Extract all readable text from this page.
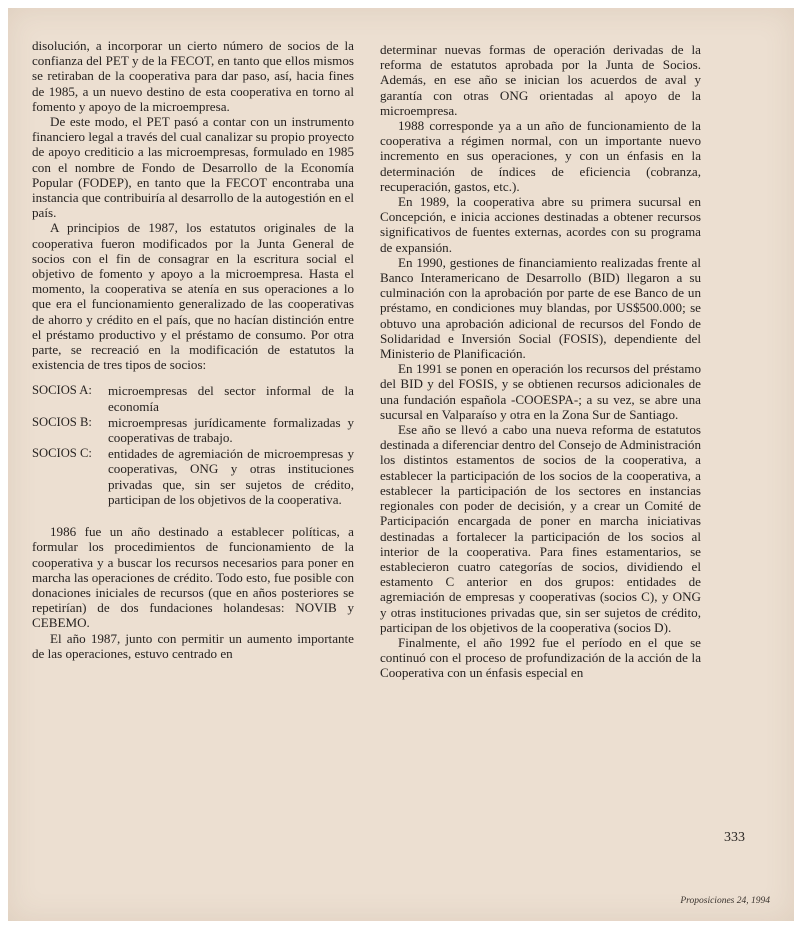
disolución, a incorporar un cierto número de socios de la confianza del PET y de la FECOT, en tanto que ellos mismos se retiraban de la cooperativa para dar paso, así, hacia fines de 1985, a un nuevo destino de esta cooperativa en torno al fomento y apoyo de la microempresa.

De este modo, el PET pasó a contar con un instrumento financiero legal a través del cual canalizar su propio proyecto de apoyo crediticio a las microempresas, formulado en 1985 con el nombre de Fondo de Desarrollo de la Economía Popular (FODEP), en tanto que la FECOT encontraba una instancia que contribuiría al desarrollo de la autogestión en el país.

A principios de 1987, los estatutos originales de la cooperativa fueron modificados por la Junta General de socios con el fin de consagrar en la escritura social el objetivo de fomento y apoyo a la microempresa. Hasta el momento, la cooperativa se atenía en sus operaciones a lo que era el funcionamiento generalizado de las cooperativas de ahorro y crédito en el país, que no hacían distinción entre el préstamo productivo y el préstamo de consumo. Por otra parte, se recreació en la modificación de estatutos la existencia de tres tipos de socios:

SOCIOS A:	microempresas del sector informal de la economía
SOCIOS B:	microempresas jurídicamente formalizadas y cooperativas de trabajo.
SOCIOS C:	entidades de agremiación de microempresas y cooperativas, ONG y otras instituciones privadas que, sin ser sujetos de crédito, participan de los objetivos de la cooperativa.

1986 fue un año destinado a establecer políticas, a formular los procedimientos de funcionamiento de la cooperativa y a buscar los recursos necesarios para poner en marcha las operaciones de crédito. Todo esto, fue posible con donaciones iniciales de recursos (que en años posteriores se repetirían) de dos fundaciones holandesas: NOVIB y CEBEMO.

El año 1987, junto con permitir un aumento importante de las operaciones, estuvo centrado en

determinar nuevas formas de operación derivadas de la reforma de estatutos aprobada por la Junta de Socios. Además, en ese año se inician los acuerdos de aval y garantía con otras ONG orientadas al apoyo de la microempresa.

1988 corresponde ya a un año de funcionamiento de la cooperativa a régimen normal, con un importante nuevo incremento en sus operaciones, y con un énfasis en la determinación de índices de eficiencia (cobranza, recuperación, gastos, etc.).

En 1989, la cooperativa abre su primera sucursal en Concepción, e inicia acciones destinadas a obtener recursos significativos de fuentes externas, acordes con su programa de expansión.

En 1990, gestiones de financiamiento realizadas frente al Banco Interamericano de Desarrollo (BID) llegaron a su culminación con la aprobación por parte de ese Banco de un préstamo, en condiciones muy blandas, por US$500.000; se obtuvo una aprobación adicional de recursos del Fondo de Solidaridad e Inversión Social (FOSIS), dependiente del Ministerio de Planificación.

En 1991 se ponen en operación los recursos del préstamo del BID y del FOSIS, y se obtienen recursos adicionales de una fundación española -COOESPA-; a su vez, se abre una sucursal en Valparaíso y otra en la Zona Sur de Santiago.

Ese año se llevó a cabo una nueva reforma de estatutos destinada a diferenciar dentro del Consejo de Administración los distintos estamentos de socios de la cooperativa, a establecer la participación de los socios de la cooperativa, a establecer la participación de los sectores en instancias regionales con poder de decisión, y a crear un Comité de Participación encargada de poner en marcha iniciativas destinadas a fortalecer la participación de los socios al interior de la cooperativa. Para fines estamentarios, se establecieron cuatro categorías de socios, dividiendo el estamento C anterior en dos grupos: entidades de agremiación de empresas y cooperativas (socios C), y ONG y otras instituciones privadas que, sin ser sujetos de crédito, participan de los objetivos de la cooperativa (socios D).

Finalmente, el año 1992 fue el período en el que se continuó con el proceso de profundización de la acción de la Cooperativa con un énfasis especial en

333
Proposiciones 24, 1994
